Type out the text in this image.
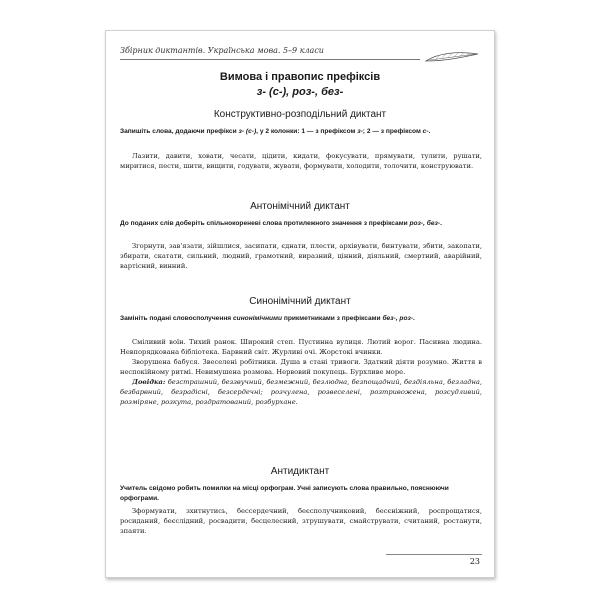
Збірник диктантів. Українська мова. 5–9 класи
Вимова і правопис префіксів
з- (с-), роз-, без-
Конструктивно-розподільний диктант
Запишіть слова, додаючи префікси з- (с-), у 2 колонки: 1 — з префіксом з-; 2 — з префіксом с-.
Лазити, давити, ховати, чесати, цідити, кидати, фокусувати, прямувати, тулити, рушати, миритися, пести, шити, вищити, годувати, жувати, формувати, холодити, толочити, конструювати.
Антонімічний диктант
До поданих слів доберіть спільнокореневі слова протилежного значення з префіксами роз-, без-.
Згорнути, зав'язати, зійшлися, засипати, єднати, плести, архівувати, бинтувати, збити, закопати, збирати, скатати, сильний, людний, грамотний, виразний, цінний, діяльний, смертний, аварійний, вартісний, винний.
Синонімічний диктант
Замініть подані словосполучення синонімічними прикметниками з префіксами без-, роз-.

Сміливий воїн. Тихий ранок. Широкий степ. Пустинна вулиця. Лютий ворог. Пасивна людина. Невпорядкована бібліотека. Барвний світ. Журливі очі. Жорстокі вчинки.

Зворушена бабуся. Звеселені робітники. Душа в стані тривоги. Здатний діяти розумно. Життя в неспокійному ритмі. Невимушена розмова. Нервовий покупець. Бурхливе море.

Довідка: безстрашний, беззвучний, безмежний, безлюдна, безпощадний, бездіяльна, безладна, безбарвний, безрадісні, безсердечні; розчулена, розвеселені, розтривожена, розсудливий, розміряне, розкута, роздратований, розбурхане.

Антидиктант
Учитель свідомо робить помилки на місці орфограм. Учні записують слова правильно, пояснюючи орфограми.
Зформувати, зхитнутись, бессердечний, беєсполучниковий, бесєніжний, роспрощатися, росиданий, беєслідний, росвадити, бесцелесний, зтрушувати, смайструвати, считаний, ростанути, зпаяти.
23
